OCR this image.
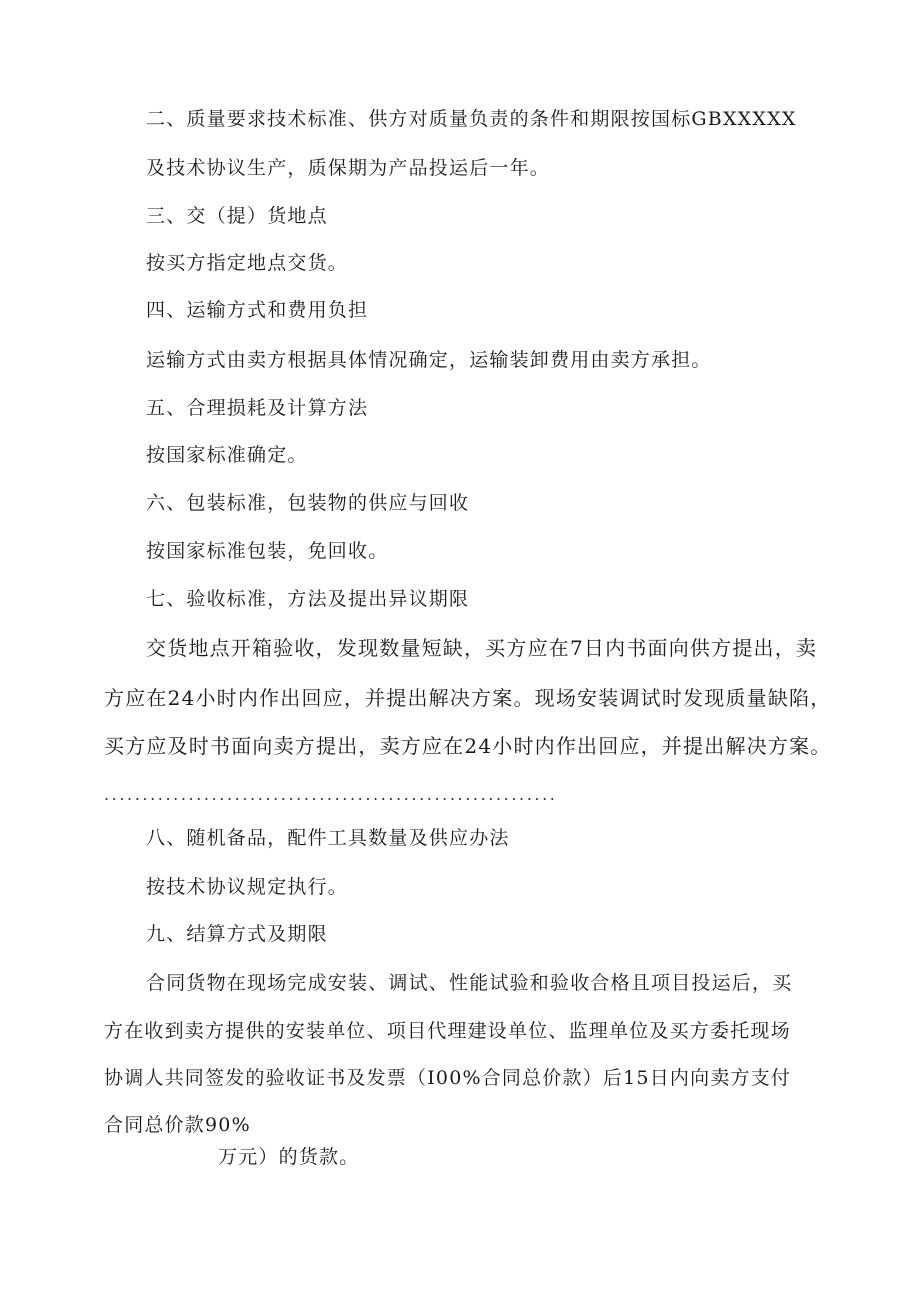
二、质量要求技术标准、供方对质量负责的条件和期限按国标GBXXXXX
及技术协议生产，质保期为产品投运后一年。
三、交（提）货地点
按买方指定地点交货。
四、运输方式和费用负担
运输方式由卖方根据具体情况确定，运输装卸费用由卖方承担。
五、合理损耗及计算方法
按国家标准确定。
六、包装标准，包装物的供应与回收
按国家标准包装，免回收。
七、验收标准，方法及提出异议期限
交货地点开箱验收，发现数量短缺，买方应在7日内书面向供方提出，卖
方应在24小时内作出回应，并提出解决方案。现场安装调试时发现质量缺陷，
买方应及时书面向卖方提出，卖方应在24小时内作出回应，并提出解决方案。
...........................................................
八、随机备品，配件工具数量及供应办法
按技术协议规定执行。
九、结算方式及期限
合同货物在现场完成安装、调试、性能试验和验收合格且项目投运后，买
方在收到卖方提供的安装单位、项目代理建设单位、监理单位及买方委托现场
协调人共同签发的验收证书及发票（I00%合同总价款）后15日内向卖方支付
合同总价款90%
万元）的货款。
